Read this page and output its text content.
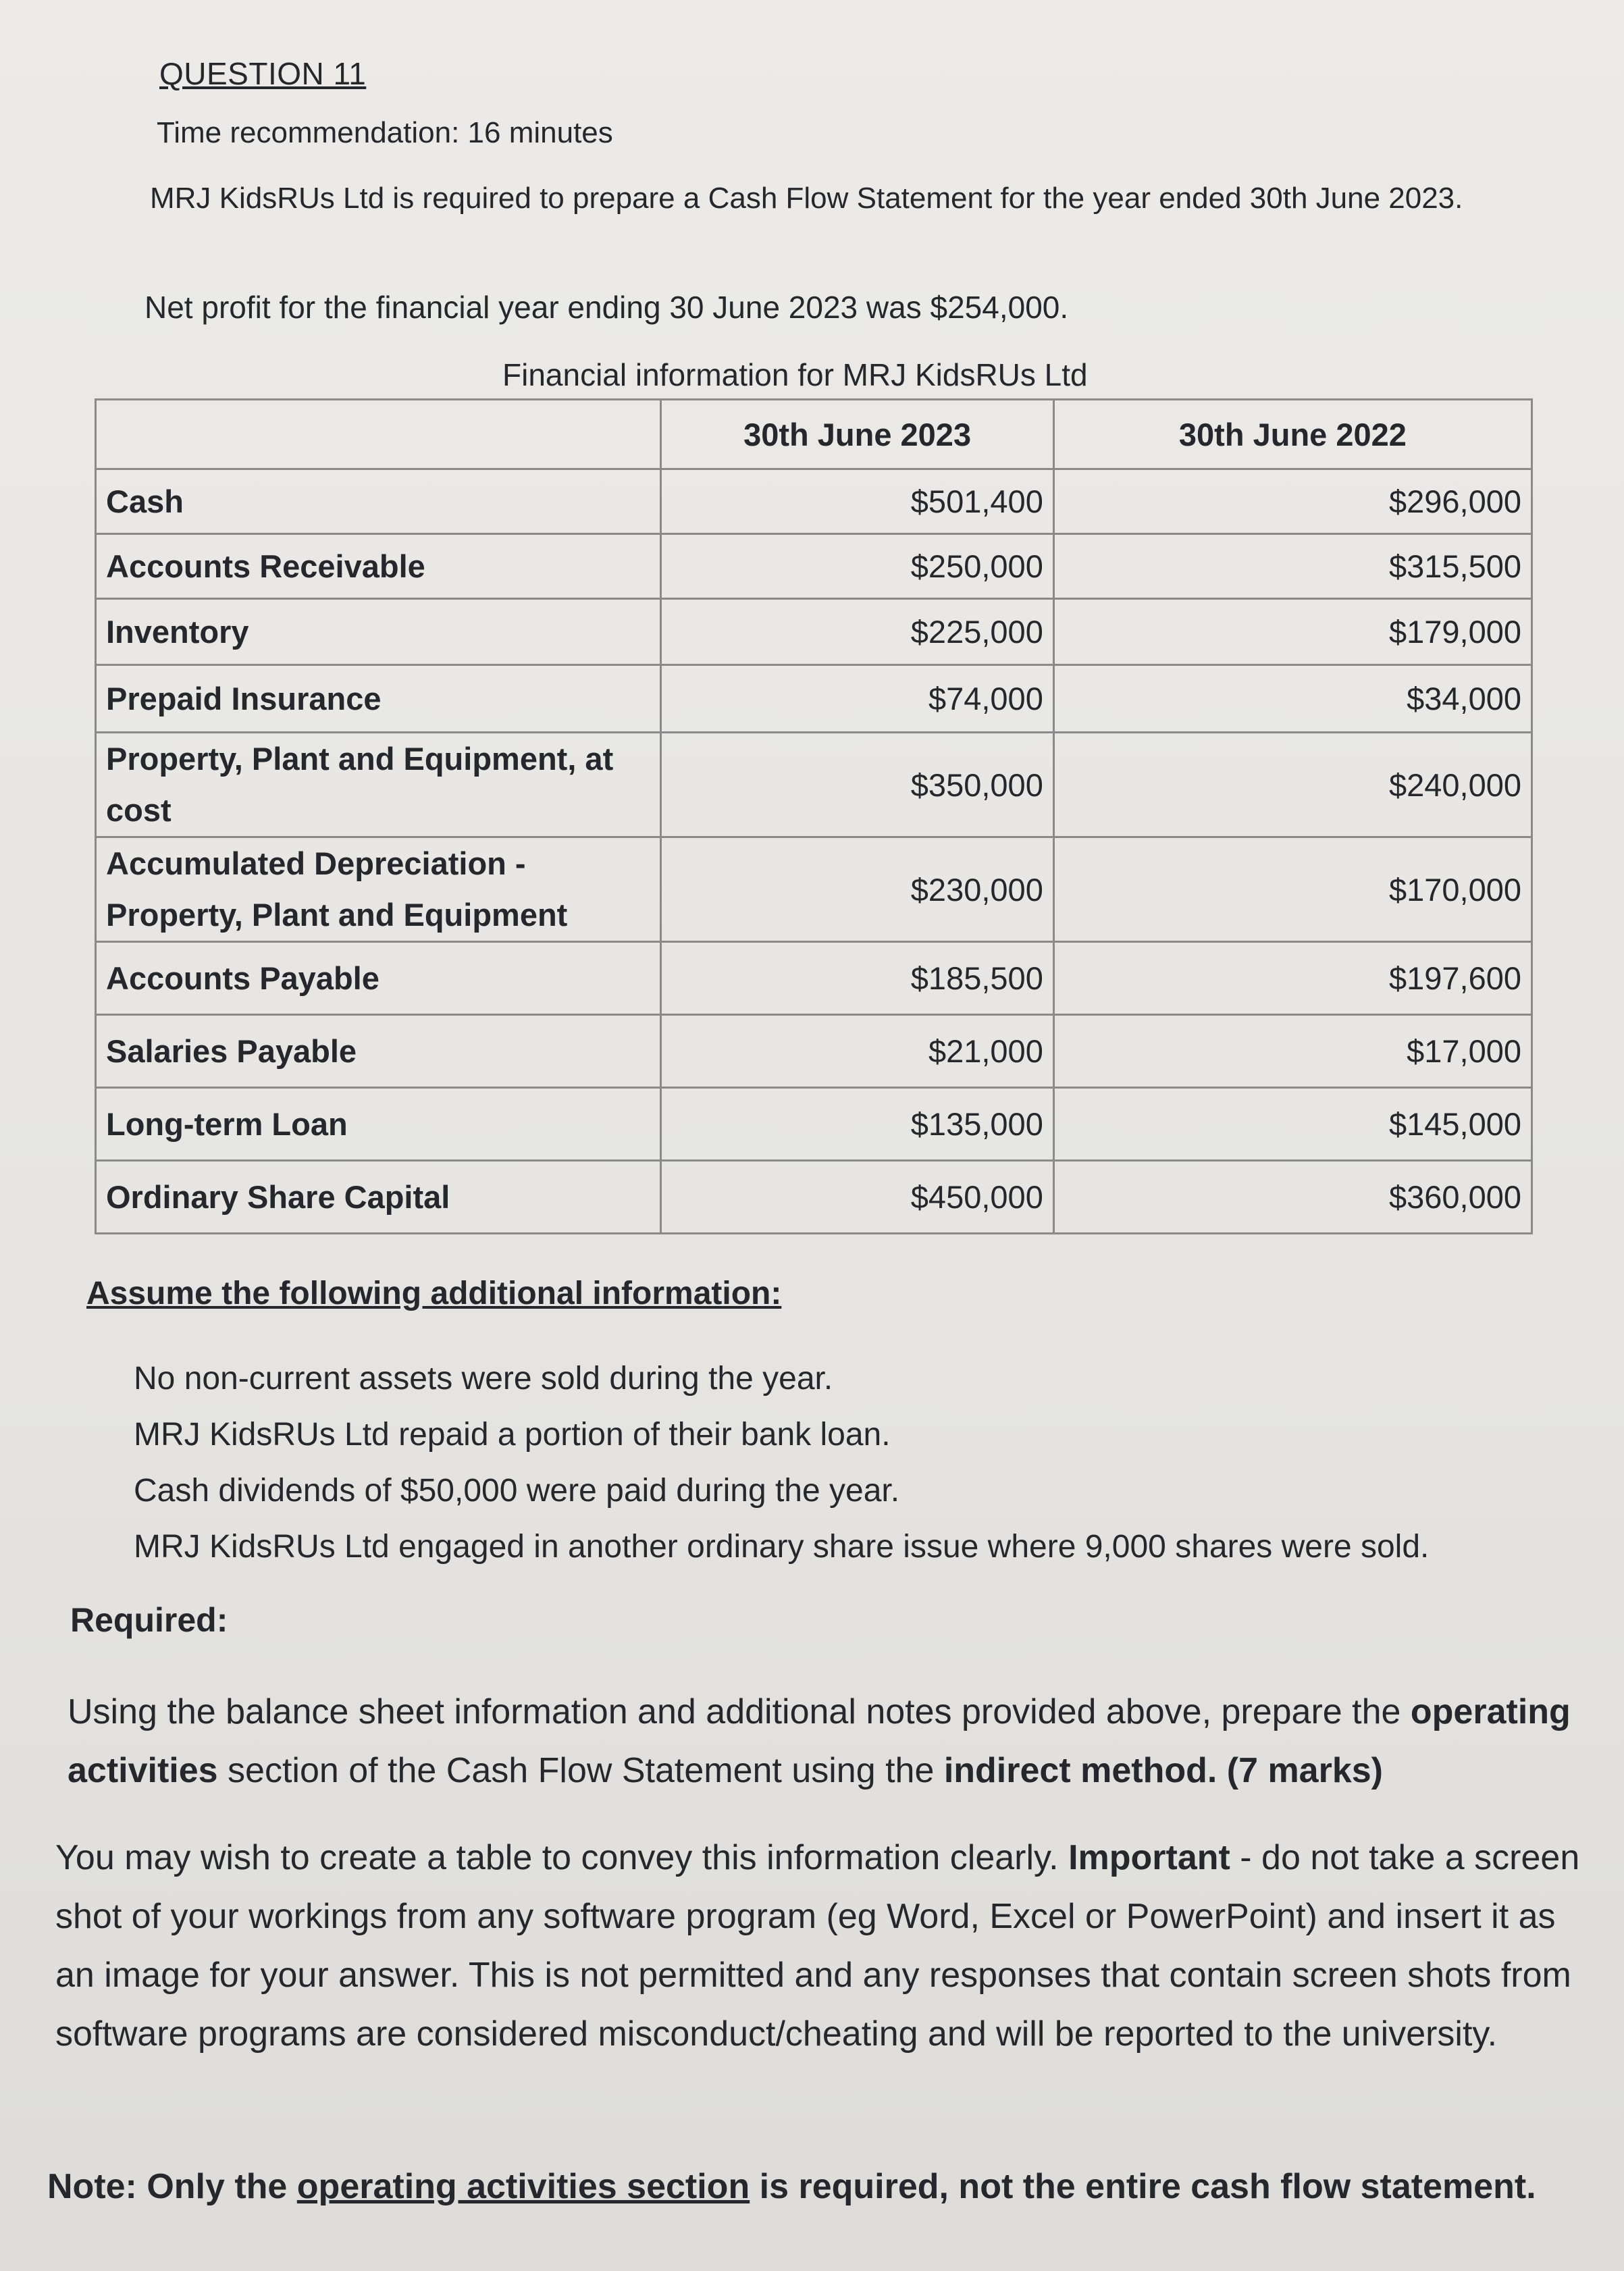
QUESTION 11
Time recommendation: 16 minutes
MRJ KidsRUs Ltd is required to prepare a Cash Flow Statement for the year ended 30th June 2023.
Net profit for the financial year ending 30 June 2023 was $254,000.
Financial information for MRJ KidsRUs Ltd
	30th June 2023	30th June 2022
Cash	$501,400	$296,000
Accounts Receivable	$250,000	$315,500
Inventory	$225,000	$179,000
Prepaid Insurance	$74,000	$34,000
Property, Plant and Equipment, at cost	$350,000	$240,000
Accumulated Depreciation - Property, Plant and Equipment	$230,000	$170,000
Accounts Payable	$185,500	$197,600
Salaries Payable	$21,000	$17,000
Long-term Loan	$135,000	$145,000
Ordinary Share Capital	$450,000	$360,000
Assume the following additional information:
No non-current assets were sold during the year.
MRJ KidsRUs Ltd repaid a portion of their bank loan.
Cash dividends of $50,000 were paid during the year.
MRJ KidsRUs Ltd engaged in another ordinary share issue where 9,000 shares were sold.
Required:

Using the balance sheet information and additional notes provided above, prepare the operating activities section of the Cash Flow Statement using the indirect method. (7 marks)

You may wish to create a table to convey this information clearly. Important - do not take a screen shot of your workings from any software program (eg Word, Excel or PowerPoint) and insert it as an image for your answer. This is not permitted and any responses that contain screen shots from software programs are considered misconduct/cheating and will be reported to the university.

Note: Only the operating activities section is required, not the entire cash flow statement.
